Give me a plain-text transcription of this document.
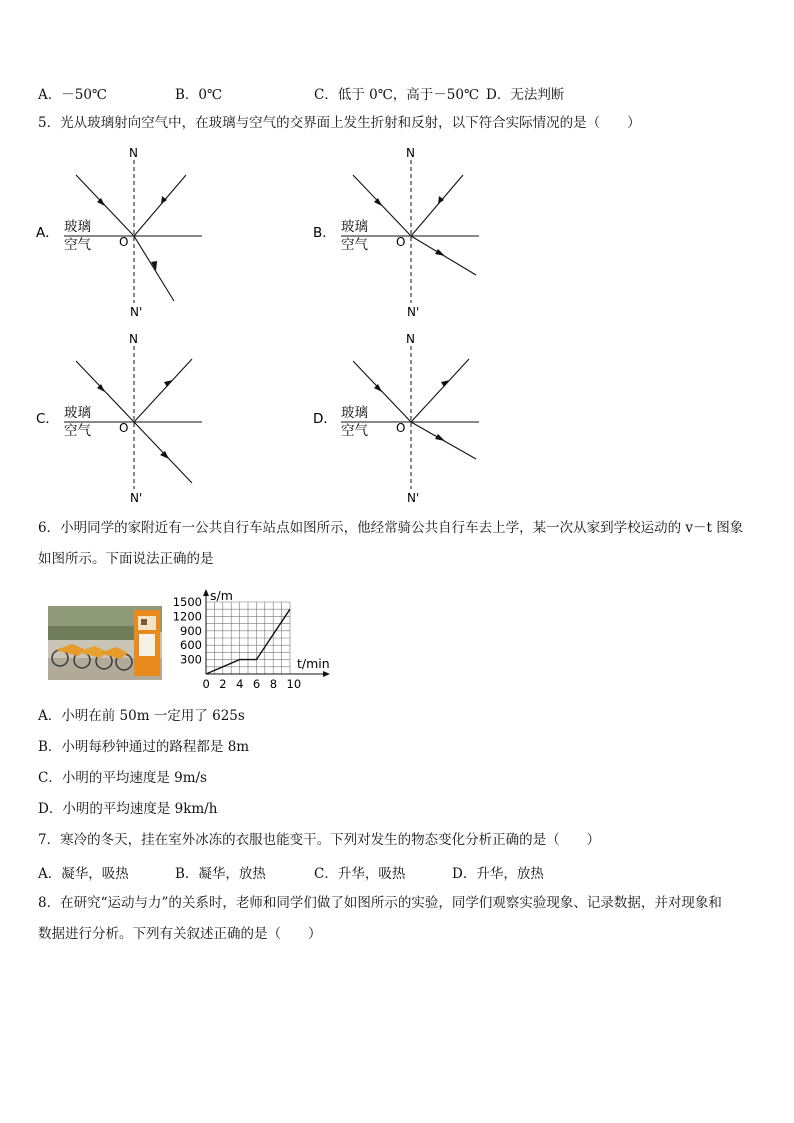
A．－50℃	B．0℃	C．低于 0℃，高于－50℃ D．无法判断
5．光从玻璃射向空气中，在玻璃与空气的交界面上发生折射和反射，以下符合实际情况的是（　　）
A． 玻璃
空气
N
N'
O
B． 玻璃
空气
N
N'
O
C． 玻璃
空气
N
N'
O
D． 玻璃
空气
N
N'
O
6．小明同学的家附近有一公共自行车站点如图所示，他经常骑公共自行车去上学，某一次从家到学校运动的 v－t 图象
如图所示。下面说法正确的是
0 2 4 6 8 10
300
600
900
1200
1500 s/m
t/min
A．小明在前 50m 一定用了 625s
B．小明每秒钟通过的路程都是 8m
C．小明的平均速度是 9m/s
D．小明的平均速度是 9km/h
7．寒冷的冬天，挂在室外冰冻的衣服也能变干。下列对发生的物态变化分析正确的是（　　）
A．凝华，吸热	B．凝华，放热	C．升华，吸热	D．升华，放热
8．在研究“运动与力”的关系时，老师和同学们做了如图所示的实验，同学们观察实验现象、记录数据，并对现象和
数据进行分析。下列有关叙述正确的是（　　）
